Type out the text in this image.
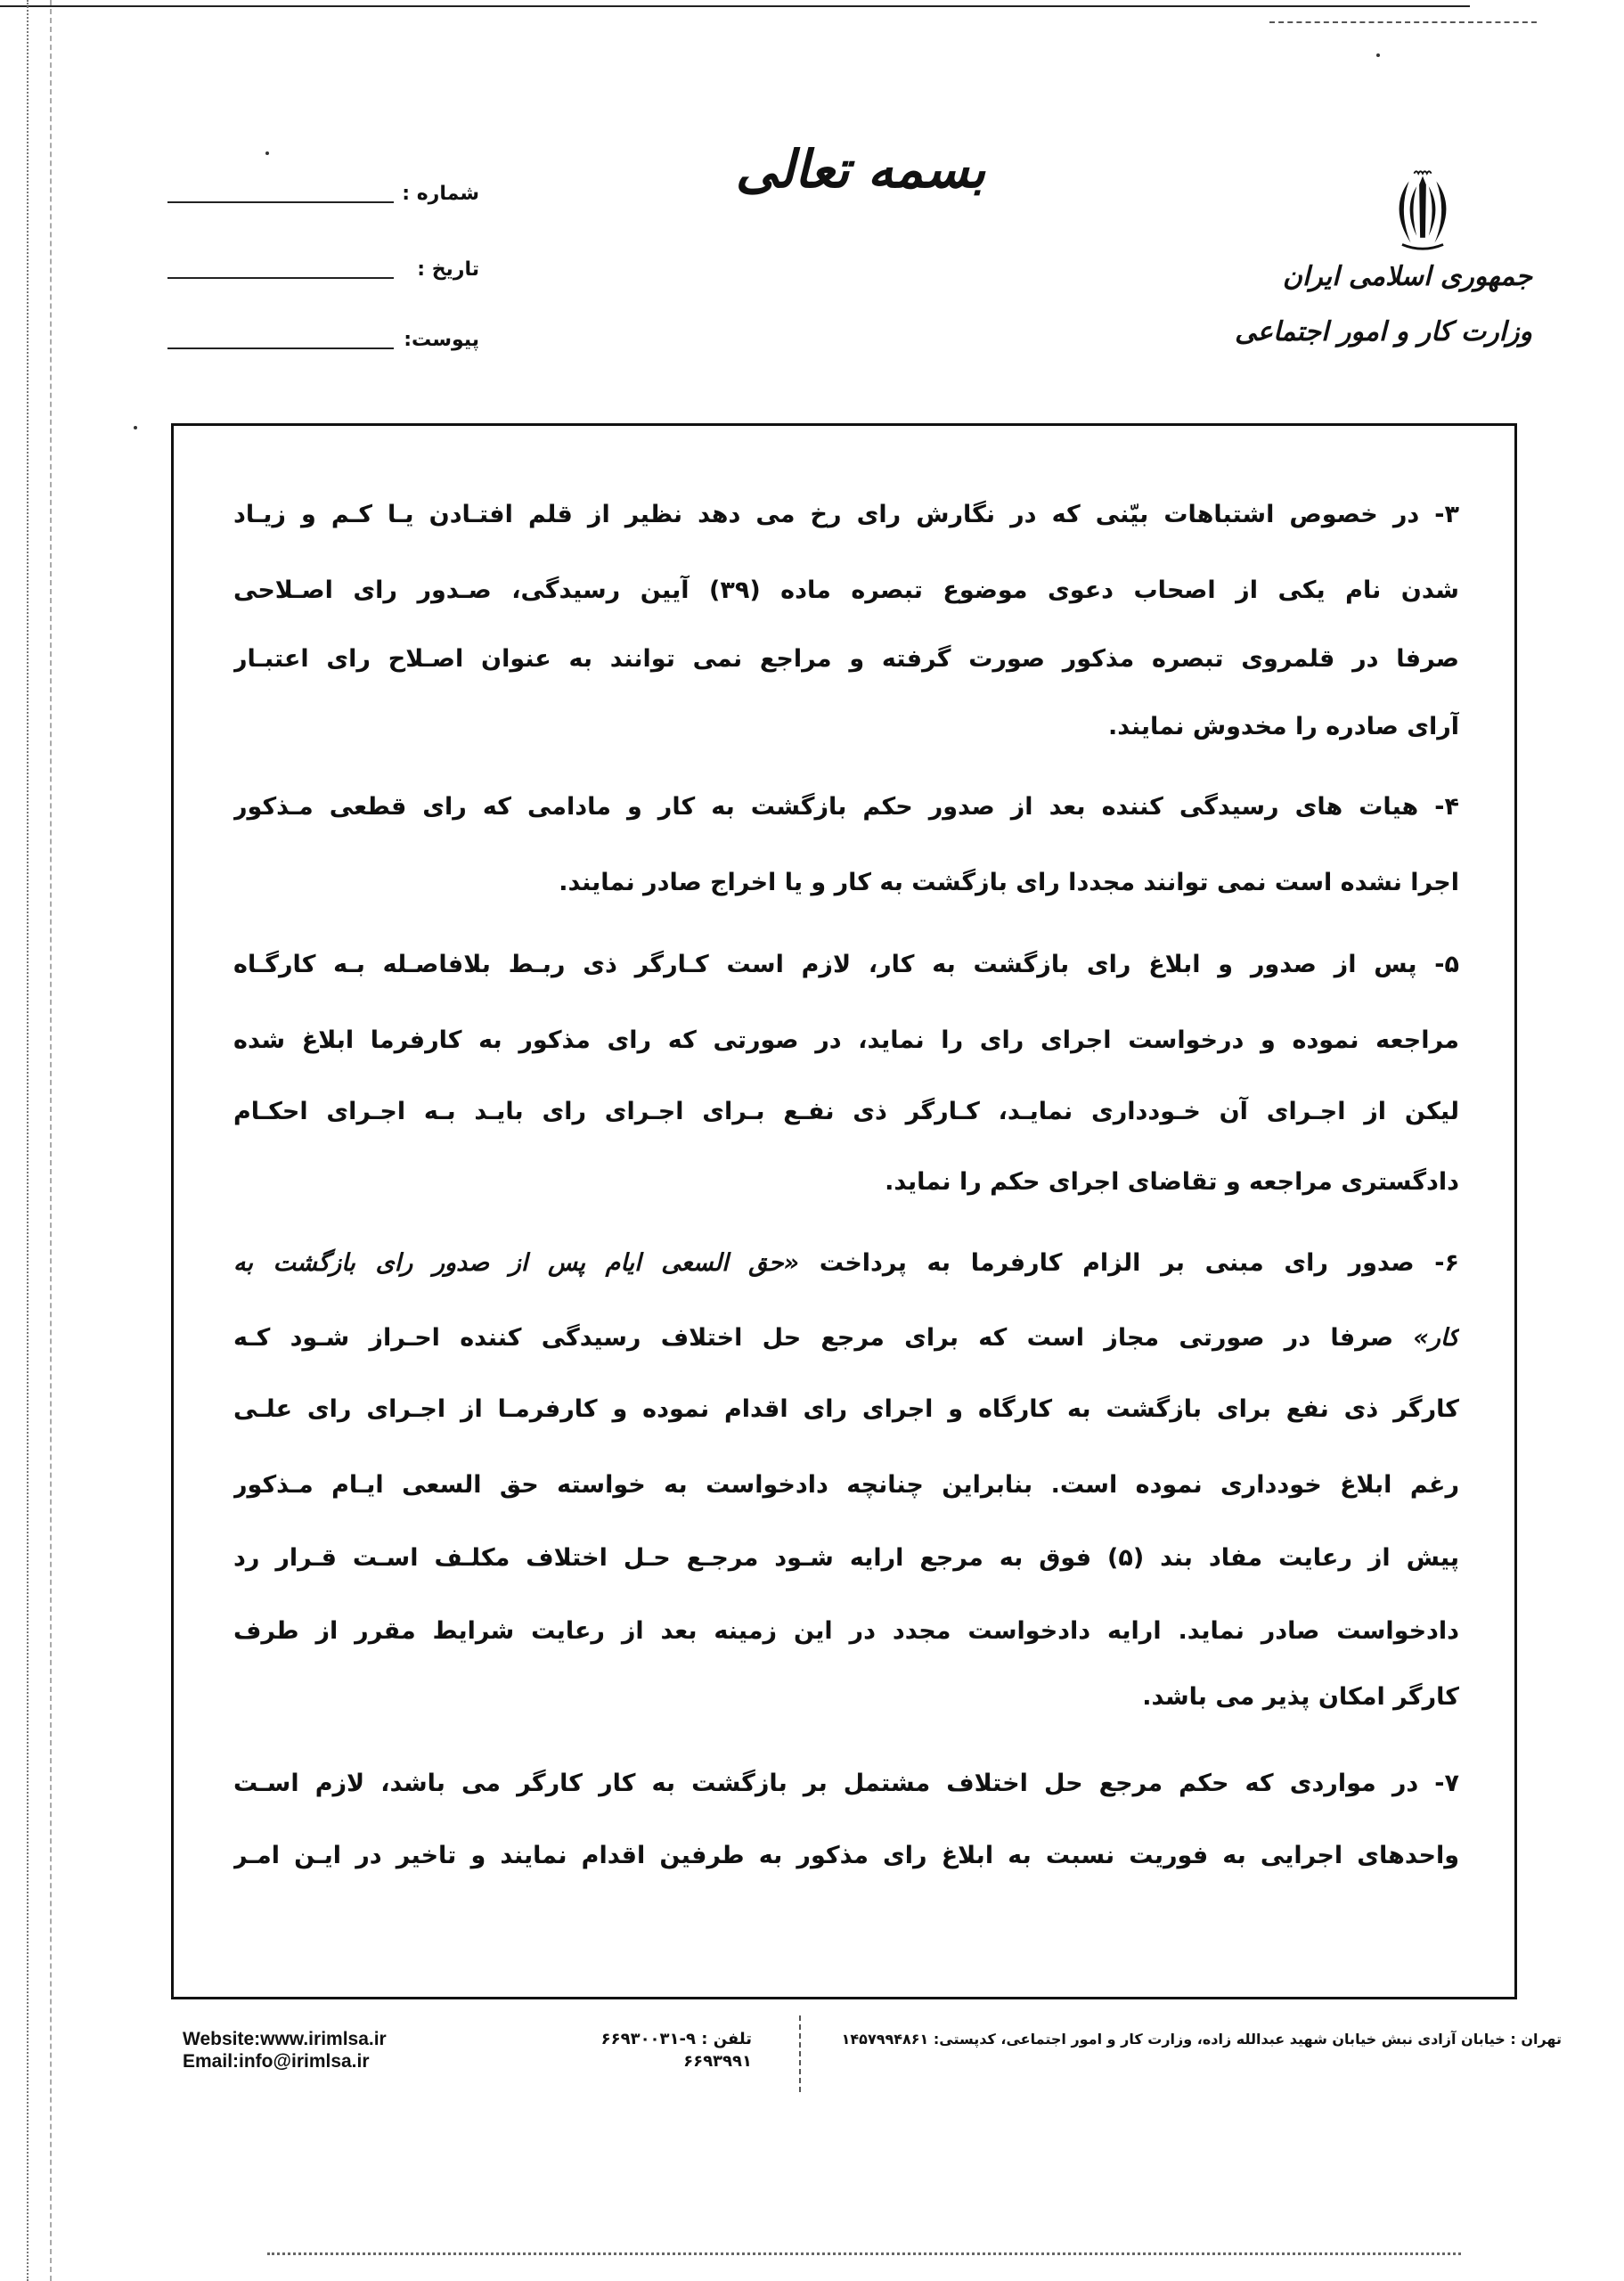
بسمه تعالی
شماره :
تاریخ :
پیوست:
جمهوری اسلامی ایران
وزارت کار و امور اجتماعی
۳- در خصوص اشتباهات بیّنی که در نگارش رای رخ می دهد نظیر از قلم افتـادن یـا کـم و زیـاد
شدن نام یکی از اصحاب دعوی موضوع تبصره ماده (۳۹) آیین رسیدگی، صـدور رای اصـلاحی
صرفا در قلمروی تبصره مذکور صورت گرفته و مراجع نمی توانند به عنوان اصـلاح رای اعتبـار
آرای صادره را مخدوش نمایند.
۴- هیات های رسیدگی کننده بعد از صدور حکم بازگشت به کار و مادامی که رای قطعی مـذکور
اجرا نشده است نمی توانند مجددا رای بازگشت به کار و یا اخراج صادر نمایند.
۵- پس از صدور و ابلاغ رای بازگشت به کار، لازم است کـارگر ذی ربـط بلافاصـله بـه کارگـاه
مراجعه نموده و درخواست اجرای رای را نماید، در صورتی که رای مذکور به کارفرما ابلاغ شده
لیکن از اجـرای آن خـودداری نمایـد، کـارگر ذی نفـع بـرای اجـرای رای بایـد بـه اجـرای احکـام
دادگستری مراجعه و تقاضای اجرای حکم را نماید.
۶- صدور رای مبنی بر الزام کارفرما به پرداخت «حق السعی ایام پس از صدور رای بازگشت به
کار» صرفا در صورتی مجاز است که برای مرجع حل اختلاف رسیدگی کننده احـراز شـود کـه
کارگر ذی نفع برای بازگشت به کارگاه و اجرای رای اقدام نموده و کارفرمـا از اجـرای رای علـی
رغم ابلاغ خودداری نموده است. بنابراین چنانچه دادخواست به خواسته حق السعی ایـام مـذکور
پیش از رعایت مفاد بند (۵) فوق به مرجع ارایه شـود مرجـع حـل اختلاف مکلـف اسـت قـرار رد
دادخواست صادر نماید. ارایه دادخواست مجدد در این زمینه بعد از رعایت شرایط مقرر از طرف
کارگر امکان پذیر می باشد.
۷- در مواردی که حکم مرجع حل اختلاف مشتمل بر بازگشت به کار کارگر می باشد، لازم اسـت
واحدهای اجرایی به فوریت نسبت به ابلاغ رای مذکور به طرفین اقدام نمایند و تاخیر در ایـن امـر
Website:www.irimlsa.ir
Email:info@irimlsa.ir
تلفن : ۹-۶۶۹۳۰۰۳۱
۶۶۹۳۹۹۱
تهران : خیابان آزادی نبش خیابان شهید عبدالله زاده، وزارت کار و امور اجتماعی، کدپستی: ۱۴۵۷۹۹۴۸۶۱
